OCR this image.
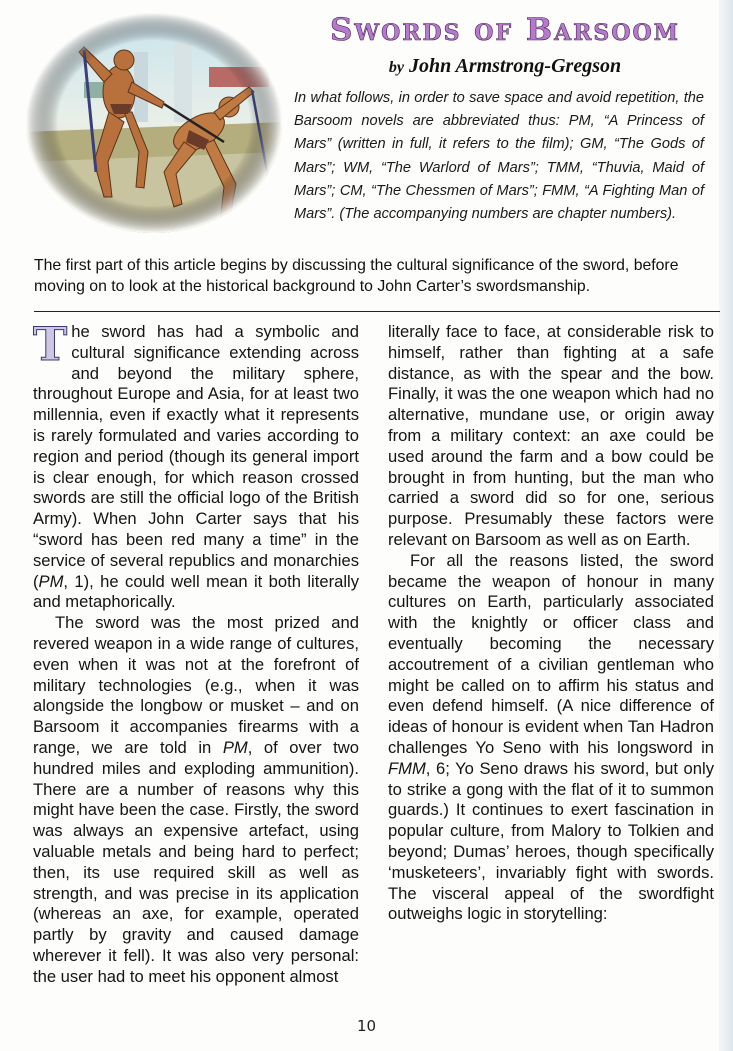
Swords of Barsoom
by John Armstrong-Gregson

In what follows, in order to save space and avoid repetition, the Barsoom novels are abbreviated thus: PM, “A Princess of Mars” (written in full, it refers to the film); GM, “The Gods of Mars”; WM, “The Warlord of Mars”; TMM, “Thuvia, Maid of Mars”; CM, “The Chessmen of Mars”; FMM, “A Fighting Man of Mars”. (The accompanying numbers are chapter numbers).

The first part of this article begins by discussing the cultural significance of the sword, before moving on to look at the historical background to John Carter’s swordsmanship.

The sword has had a symbolic and cultural significance extending across and beyond the military sphere, throughout Europe and Asia, for at least two millennia, even if exactly what it represents is rarely formulated and varies according to region and period (though its general import is clear enough, for which reason crossed swords are still the official logo of the British Army). When John Carter says that his “sword has been red many a time” in the service of several republics and monarchies (PM, 1), he could well mean it both literally and metaphorically.

The sword was the most prized and revered weapon in a wide range of cultures, even when it was not at the forefront of military technologies (e.g., when it was alongside the longbow or musket – and on Barsoom it accompanies firearms with a range, we are told in PM, of over two hundred miles and exploding ammunition). There are a number of reasons why this might have been the case. Firstly, the sword was always an expensive artefact, using valuable metals and being hard to perfect; then, its use required skill as well as strength, and was precise in its application (whereas an axe, for example, operated partly by gravity and caused damage wherever it fell). It was also very personal: the user had to meet his opponent almost

literally face to face, at considerable risk to himself, rather than fighting at a safe distance, as with the spear and the bow. Finally, it was the one weapon which had no alternative, mundane use, or origin away from a military context: an axe could be used around the farm and a bow could be brought in from hunting, but the man who carried a sword did so for one, serious purpose. Presumably these factors were relevant on Barsoom as well as on Earth.

For all the reasons listed, the sword became the weapon of honour in many cultures on Earth, particularly associated with the knightly or officer class and eventually becoming the necessary accoutrement of a civilian gentleman who might be called on to affirm his status and even defend himself. (A nice difference of ideas of honour is evident when Tan Hadron challenges Yo Seno with his longsword in FMM, 6; Yo Seno draws his sword, but only to strike a gong with the flat of it to summon guards.) It continues to exert fascination in popular culture, from Malory to Tolkien and beyond; Dumas’ heroes, though specifically ‘musketeers’, invariably fight with swords. The visceral appeal of the swordfight outweighs logic in storytelling:

10
